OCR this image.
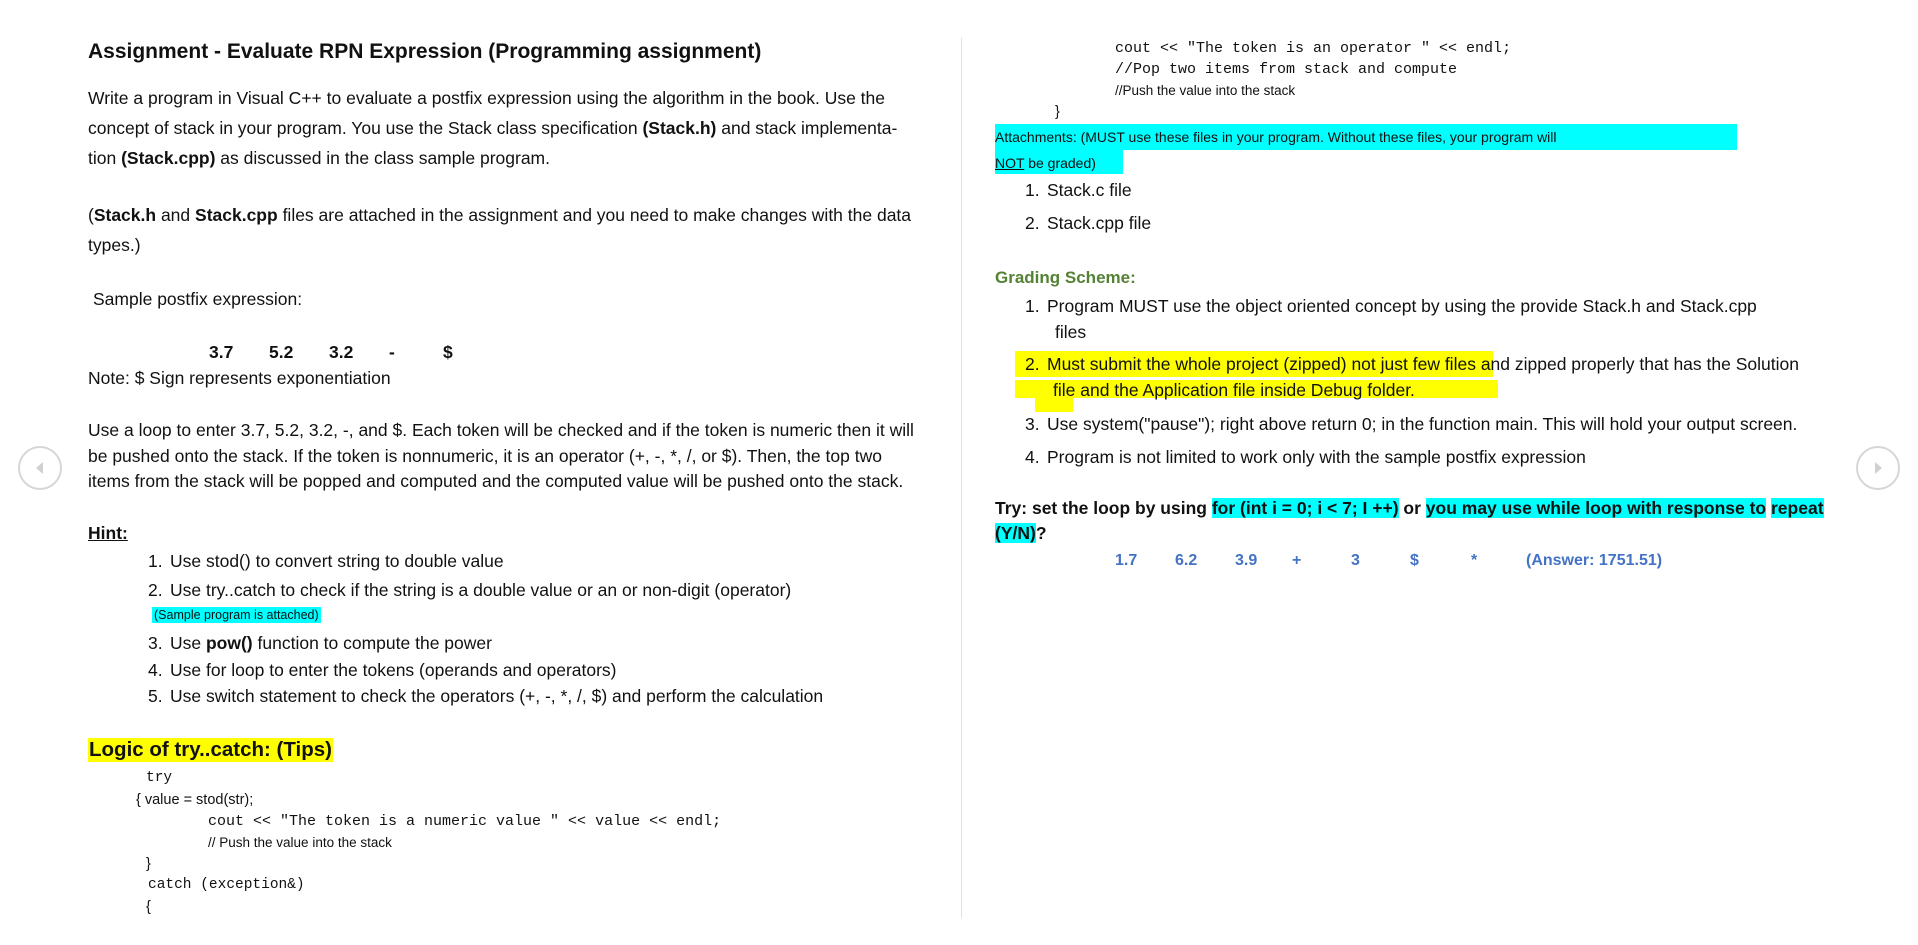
Assignment - Evaluate RPN Expression (Programming assignment)
Write a program in Visual C++ to evaluate a postfix expression using the algorithm in the book. Use the
concept of stack in your program. You use the Stack class specification (Stack.h) and stack implementa-
tion (Stack.cpp) as discussed in the class sample program.
(Stack.h and Stack.cpp files are attached in the assignment and you need to make changes with the data
types.)
Sample postfix expression:
3.7 5.2 3.2 -	$
Note: $ Sign represents exponentiation
Use a loop to enter 3.7, 5.2, 3.2, -, and $. Each token will be checked and if the token is numeric then it will
be pushed onto the stack. If the token is nonnumeric, it is an operator (+, -, *, /, or $). Then, the top two
items from the stack will be popped and computed and the computed value will be pushed onto the stack.
Hint:
1. Use stod() to convert string to double value
2. Use try..catch to check if the string is a double value or an or non-digit (operator)
(Sample program is attached)
3. Use pow() function to compute the power
4. Use for loop to enter the tokens (operands and operators)
5. Use switch statement to check the operators (+, -, *, /, $) and perform the calculation
Logic of try..catch: (Tips)
try
{ value = stod(str);
cout << "The token is a numeric value " << value << endl;
// Push the value into the stack
}
catch (exception&)
{
cout << "The token is an operator " << endl;
//Pop two items from stack and compute
//Push the value into the stack
}
Attachments: (MUST use these files in your program. Without these files, your program will
NOT be graded)
1. Stack.c file
2. Stack.cpp file
Grading Scheme:
1. Program MUST use the object oriented concept by using the provide Stack.h and Stack.cpp
files
2. Must submit the whole project (zipped) not just few files and zipped properly that has the Solution
file and the Application file inside Debug folder.
3. Use system("pause"); right above return 0; in the function main. This will hold your output screen.
4. Program is not limited to work only with the sample postfix expression
Try: set the loop by using for (int i = 0; i < 7; I ++) or you may use while loop with response to repeat
(Y/N)?
1.7 6.2 3.9 +	3	$	*	(Answer: 1751.51)
